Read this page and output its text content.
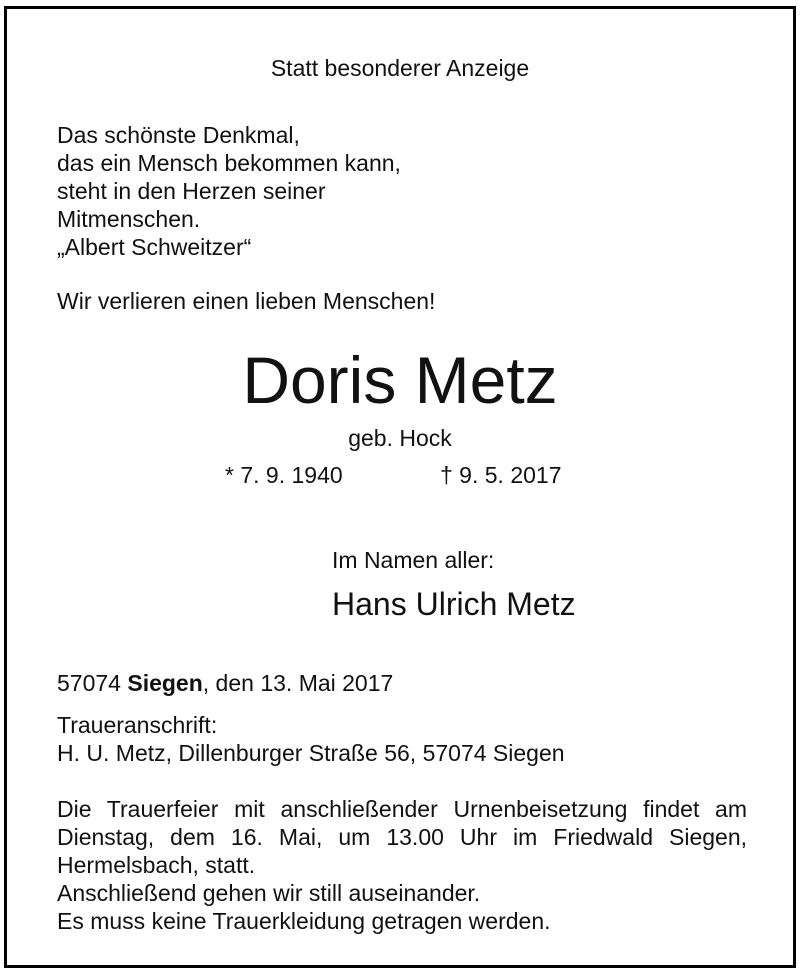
Statt besonderer Anzeige
Das schönste Denkmal,
das ein Mensch bekommen kann,
steht in den Herzen seiner
Mitmenschen.
„Albert Schweitzer“
Wir verlieren einen lieben Menschen!
Doris Metz
geb. Hock
* 7. 9. 1940	† 9. 5. 2017
Im Namen aller:
Hans Ulrich Metz
57074 Siegen, den 13. Mai 2017
Traueranschrift:
H. U. Metz, Dillenburger Straße 56, 57074 Siegen
Die Trauerfeier mit anschließender Urnenbeisetzung findet am
Dienstag, dem 16. Mai, um 13.00 Uhr im Friedwald Siegen,
Hermelsbach, statt.
Anschließend gehen wir still auseinander.
Es muss keine Trauerkleidung getragen werden.
